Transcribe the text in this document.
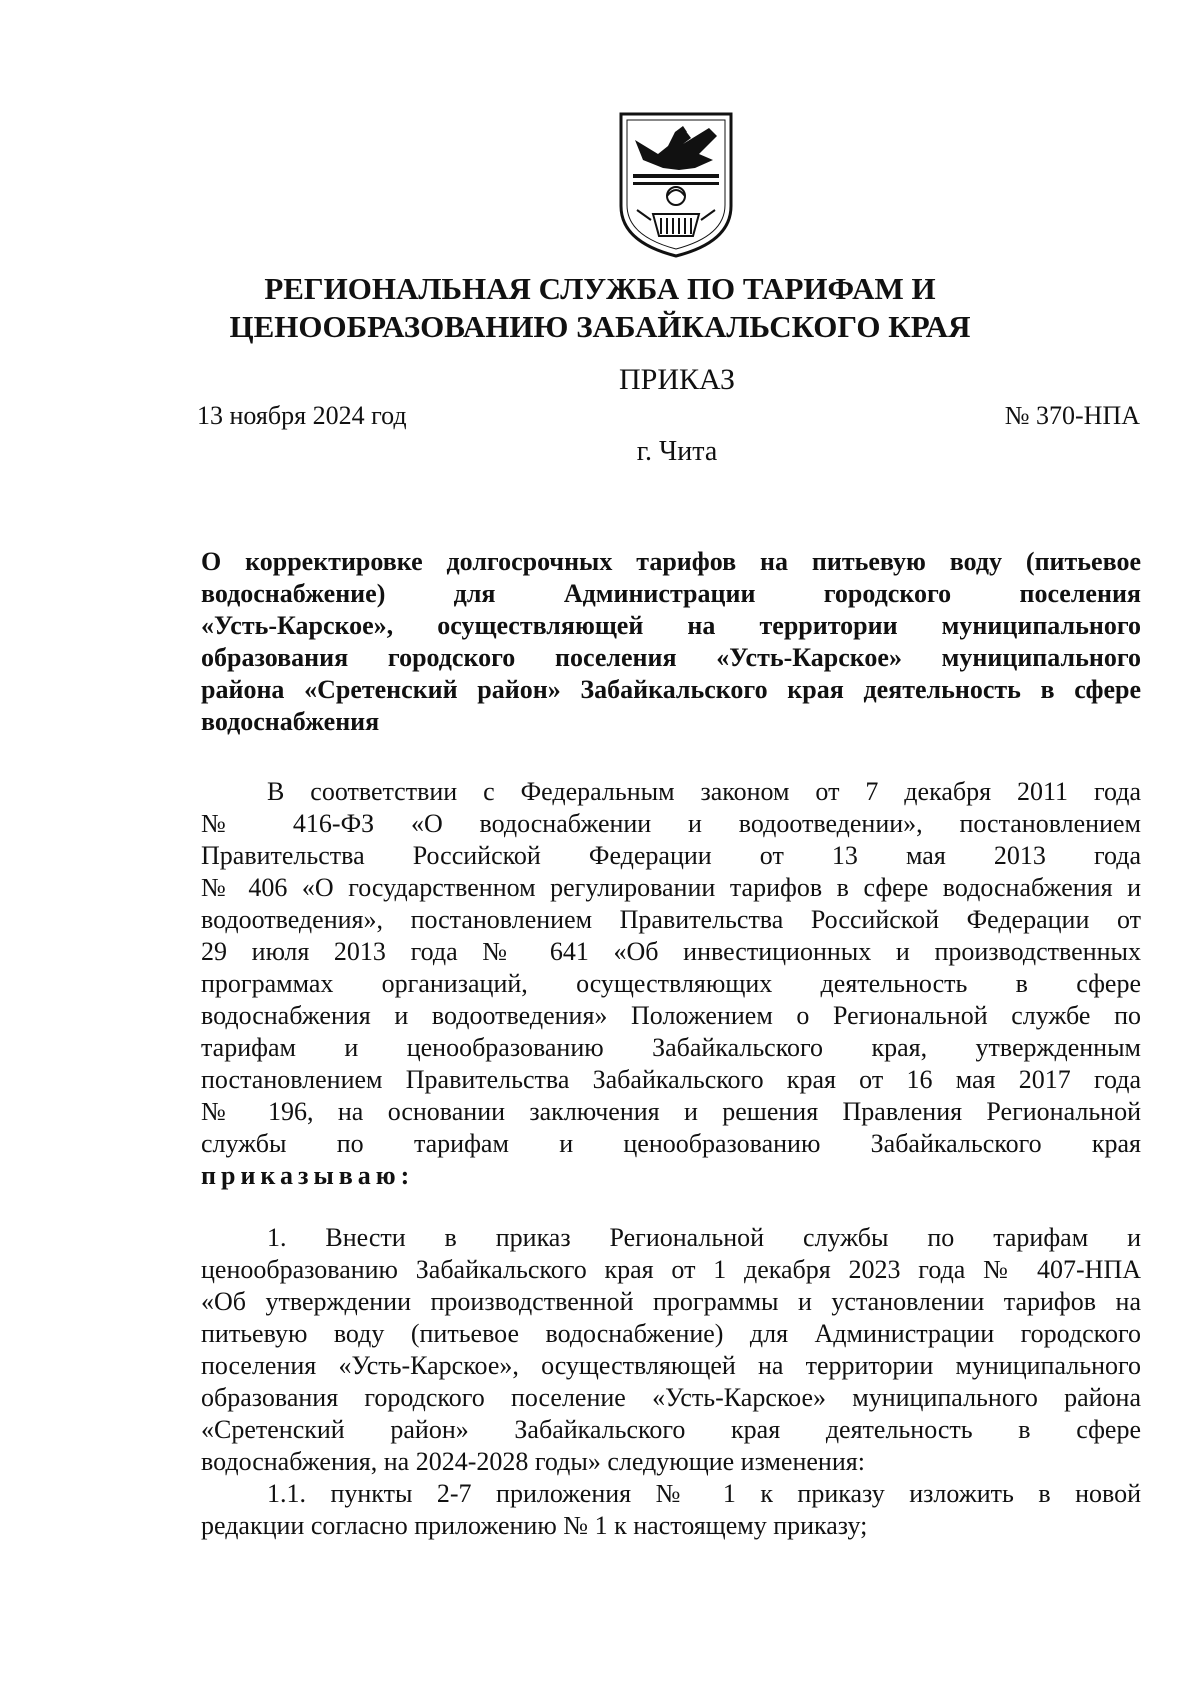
РЕГИОНАЛЬНАЯ СЛУЖБА ПО ТАРИФАМ И
ЦЕНООБРАЗОВАНИЮ ЗАБАЙКАЛЬСКОГО КРАЯ
ПРИКАЗ
13 ноября 2024 год	№ 370-НПА
г. Чита
О корректировке долгосрочных тарифов на питьевую воду (питьевое
водоснабжение) для Администрации городского поселения
«Усть-Карское», осуществляющей на территории муниципального
образования городского поселения «Усть-Карское» муниципального
района «Сретенский район» Забайкальского края деятельность в сфере
водоснабжения
В соответствии с Федеральным законом от 7 декабря 2011 года
№ 416-ФЗ «О водоснабжении и водоотведении», постановлением
Правительства Российской Федерации от 13 мая 2013 года
№ 406 «О государственном регулировании тарифов в сфере водоснабжения и
водоотведения», постановлением Правительства Российской Федерации от
29 июля 2013 года № 641 «Об инвестиционных и производственных
программах организаций, осуществляющих деятельность в сфере
водоснабжения и водоотведения» Положением о Региональной службе по
тарифам и ценообразованию Забайкальского края, утвержденным
постановлением Правительства Забайкальского края от 16 мая 2017 года
№ 196, на основании заключения и решения Правления Региональной
службы по тарифам и ценообразованию Забайкальского края
приказываю:
1. Внести в приказ Региональной службы по тарифам и
ценообразованию Забайкальского края от 1 декабря 2023 года № 407-НПА
«Об утверждении производственной программы и установлении тарифов на
питьевую воду (питьевое водоснабжение) для Администрации городского
поселения «Усть-Карское», осуществляющей на территории муниципального
образования городского поселение «Усть-Карское» муниципального района
«Сретенский район» Забайкальского края деятельность в сфере
водоснабжения, на 2024-2028 годы» следующие изменения:
1.1. пункты 2-7 приложения № 1 к приказу изложить в новой
редакции согласно приложению № 1 к настоящему приказу;
